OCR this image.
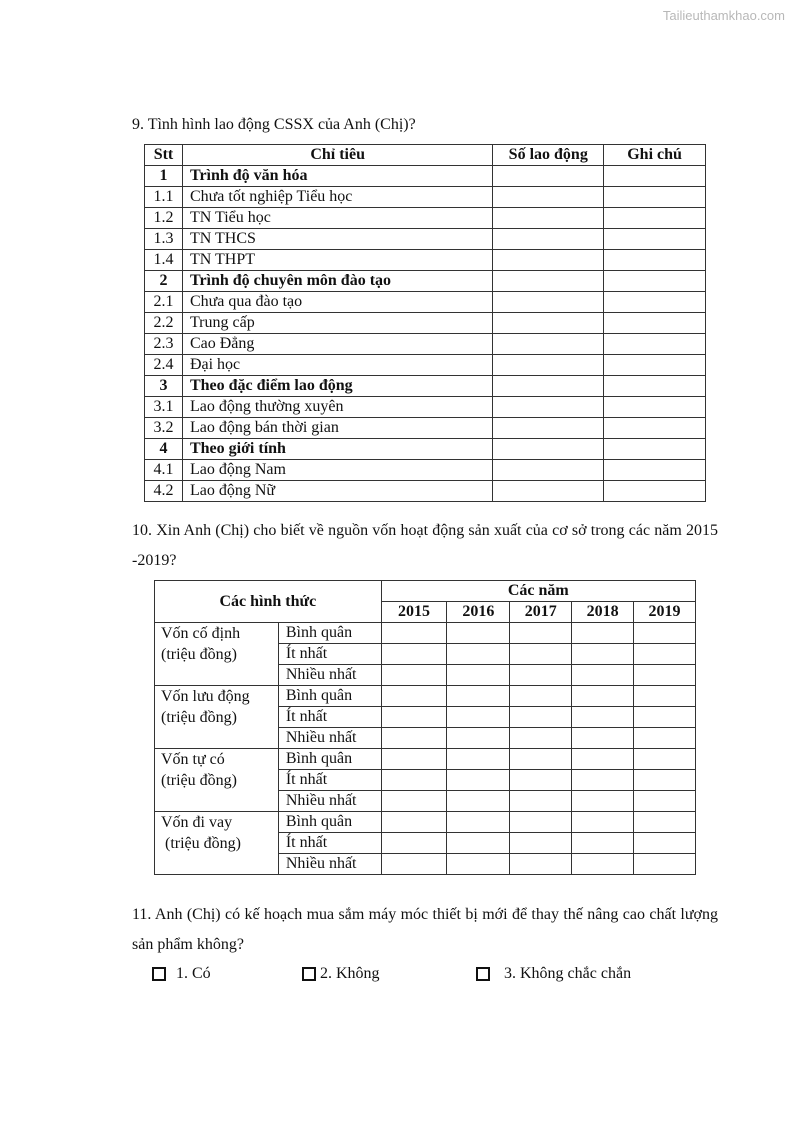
Tailieuthamkhao.com
9. Tình hình lao động CSSX của Anh (Chị)?
Stt	Chỉ tiêu	Số lao động	Ghi chú
1	Trình độ văn hóa		
1.1	Chưa tốt nghiệp Tiểu học		
1.2	TN Tiểu học		
1.3	TN THCS		
1.4	TN THPT		
2	Trình độ chuyên môn đào tạo		
2.1	Chưa qua đào tạo		
2.2	Trung cấp		
2.3	Cao Đẳng		
2.4	Đại học		
3	Theo đặc điểm lao động		
3.1	Lao động thường xuyên		
3.2	Lao động bán thời gian		
4	Theo giới tính		
4.1	Lao động Nam		
4.2	Lao động Nữ		
10. Xin Anh (Chị) cho biết về nguồn vốn hoạt động sản xuất của cơ sở trong các năm 2015 -2019?
Các hình thức		Các năm				
		2015	2016	2017	2018	2019

Vốn cố định
(triệu đồng)	Bình quân					
	Ít nhất					
	Nhiều nhất					

Vốn lưu động
(triệu đồng)	Bình quân					
	Ít nhất					
	Nhiều nhất					

Vốn tự có
(triệu đồng)	Bình quân					
	Ít nhất					
	Nhiều nhất					

Vốn đi vay
(triệu đồng)	Bình quân					
	Ít nhất					
	Nhiều nhất					
11. Anh (Chị) có kế hoạch mua sắm máy móc thiết bị mới để thay thế nâng cao chất lượng sản phẩm không?
1. Có	2. Không	3. Không chắc chắn
